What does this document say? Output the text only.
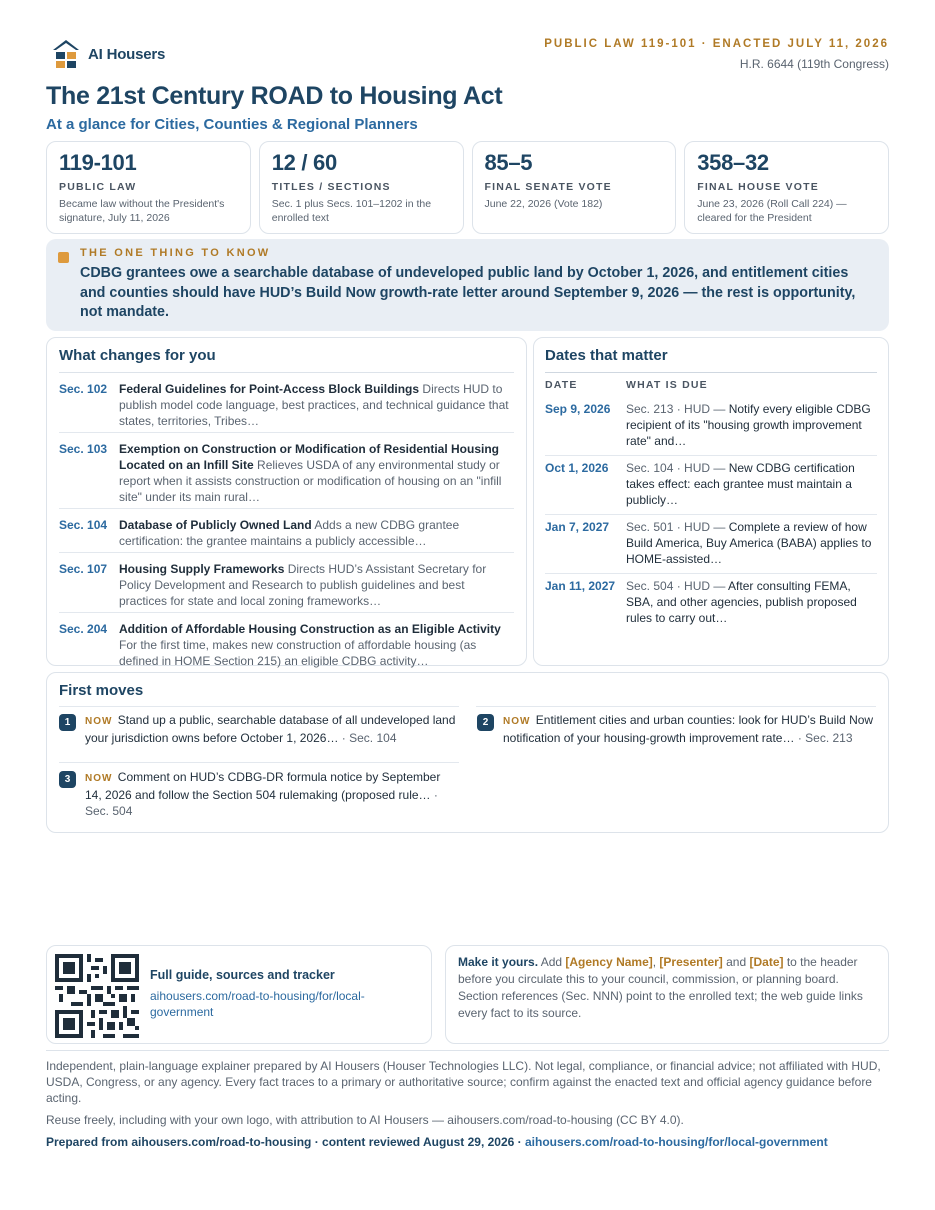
AI Housers
PUBLIC LAW 119-101 · ENACTED JULY 11, 2026
H.R. 6644 (119th Congress)
The 21st Century ROAD to Housing Act
At a glance for Cities, Counties & Regional Planners
119-101
PUBLIC LAW
Became law without the President's signature, July 11, 2026
12 / 60
TITLES / SECTIONS
Sec. 1 plus Secs. 101–1202 in the enrolled text
85–5
FINAL SENATE VOTE
June 22, 2026 (Vote 182)
358–32
FINAL HOUSE VOTE
June 23, 2026 (Roll Call 224) — cleared for the President
THE ONE THING TO KNOW
CDBG grantees owe a searchable database of undeveloped public land by October 1, 2026, and entitlement cities and counties should have HUD’s Build Now growth-rate letter around September 9, 2026 — the rest is opportunity, not mandate.
What changes for you
Sec. 102 Federal Guidelines for Point-Access Block Buildings Directs HUD to publish model code language, best practices, and technical guidance that states, territories, Tribes…
Sec. 103 Exemption on Construction or Modification of Residential Housing Located on an Infill Site Relieves USDA of any environmental study or report when it assists construction or modification of housing on an "infill site" under its main rural…
Sec. 104 Database of Publicly Owned Land Adds a new CDBG grantee certification: the grantee maintains a publicly accessible…
Sec. 107 Housing Supply Frameworks Directs HUD’s Assistant Secretary for Policy Development and Research to publish guidelines and best practices for state and local zoning frameworks…
Sec. 204 Addition of Affordable Housing Construction as an Eligible Activity For the first time, makes new construction of affordable housing (as defined in HOME Section 215) an eligible CDBG activity…
Dates that matter
DATE	WHAT IS DUE
Sep 9, 2026	Sec. 213 · HUD — Notify every eligible CDBG recipient of its "housing growth improvement rate" and…
Oct 1, 2026	Sec. 104 · HUD — New CDBG certification takes effect: each grantee must maintain a publicly…
Jan 7, 2027	Sec. 501 · HUD — Complete a review of how Build America, Buy America (BABA) applies to HOME-assisted…
Jan 11, 2027 Sec. 504 · HUD — After consulting FEMA, SBA, and other agencies, publish proposed rules to carry out…
First moves
1	NOW Stand up a public, searchable database of all undeveloped land your jurisdiction owns before October 1, 2026… · Sec. 104
2	NOW Entitlement cities and urban counties: look for HUD’s Build Now notification of your housing-growth improvement rate… · Sec. 213
3	NOW Comment on HUD’s CDBG-DR formula notice by September 14, 2026 and follow the Section 504 rulemaking (proposed rule… · Sec. 504
Full guide, sources and tracker
aihousers.com/road-to-housing/for/local-government
Make it yours. Add [Agency Name], [Presenter] and [Date] to the header before you circulate this to your council, commission, or planning board. Section references (Sec. NNN) point to the enrolled text; the web guide links every fact to its source.

Independent, plain-language explainer prepared by AI Housers (Houser Technologies LLC). Not legal, compliance, or financial advice; not affiliated with HUD, USDA, Congress, or any agency. Every fact traces to a primary or authoritative source; confirm against the enacted text and official agency guidance before acting.

Reuse freely, including with your own logo, with attribution to AI Housers — aihousers.com/road-to-housing (CC BY 4.0).

Prepared from aihousers.com/road-to-housing · content reviewed August 29, 2026 · aihousers.com/road-to-housing/for/local-government
